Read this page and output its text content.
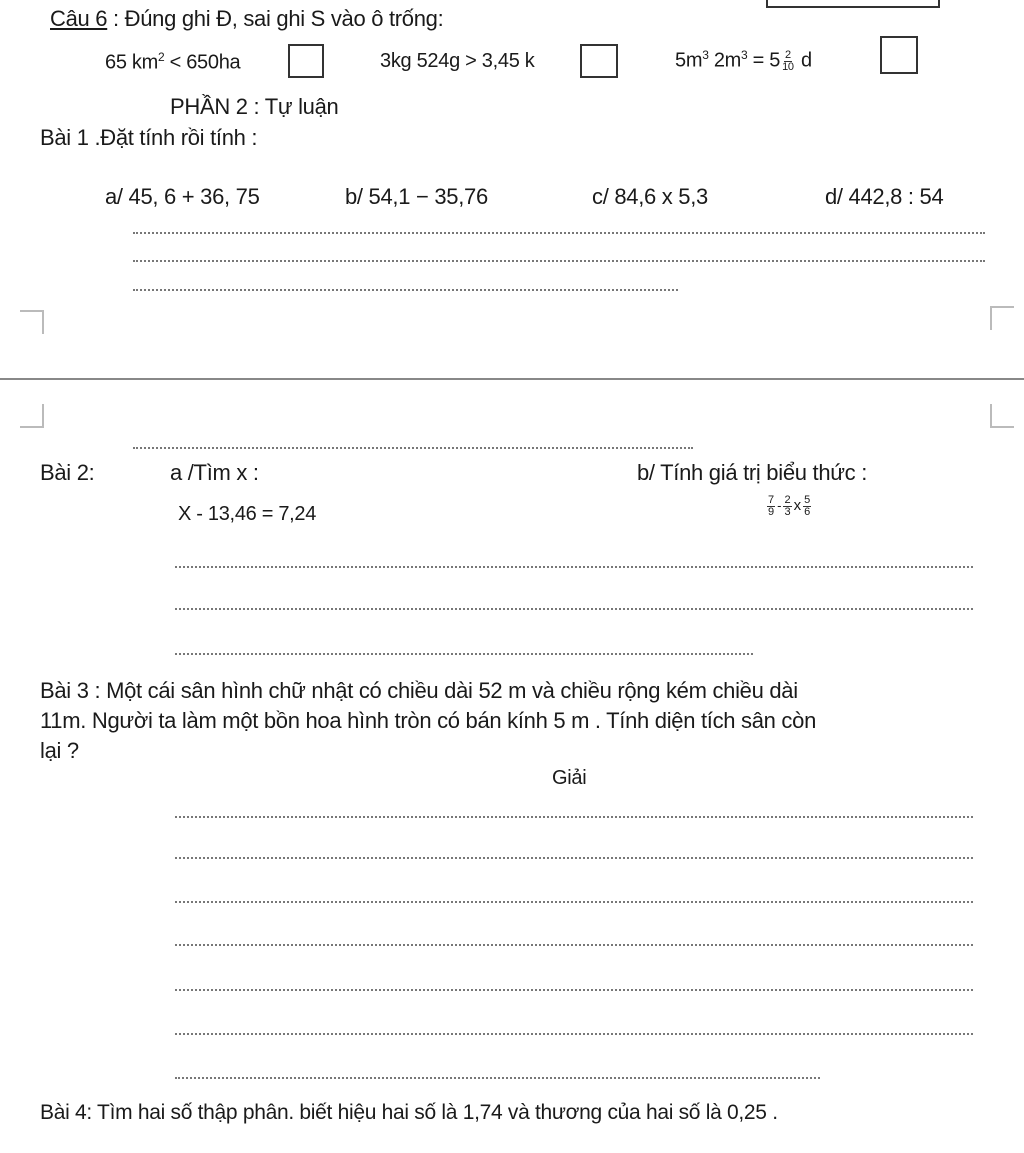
Câu 6 : Đúng ghi Đ, sai ghi S vào ô trống:
65 $km^2 < 650ha$	3kg 524g > 3,45 k	$5m^3$ $2m^3 = 5 \frac{2}{10}$ d
PHẦN 2 : Tự luận
Bài 1 .Đặt tính rồi tính :
a/ 45, 6 + 36, 75	b/ 54,1 − 35,76	c/ 84,6 x 5,3	d/ 442,8 : 54
Bài 2:	a /Tìm x :
X - 13,46 = 7,24
b/ Tính giá trị biểu thức :
$\frac{7}{9} - \frac{2}{3}$ x $\frac{5}{6}$
Bài 3 : Một cái sân hình chữ nhật có chiều dài 52 m và chiều rộng kém chiều dài
11m. Người ta làm một bồn hoa hình tròn có bán kính 5 m . Tính diện tích sân còn
lại ?
Giải
Bài 4: Tìm hai số thập phân. biết hiệu hai số là 1,74 và thương của hai số là 0,25 .
